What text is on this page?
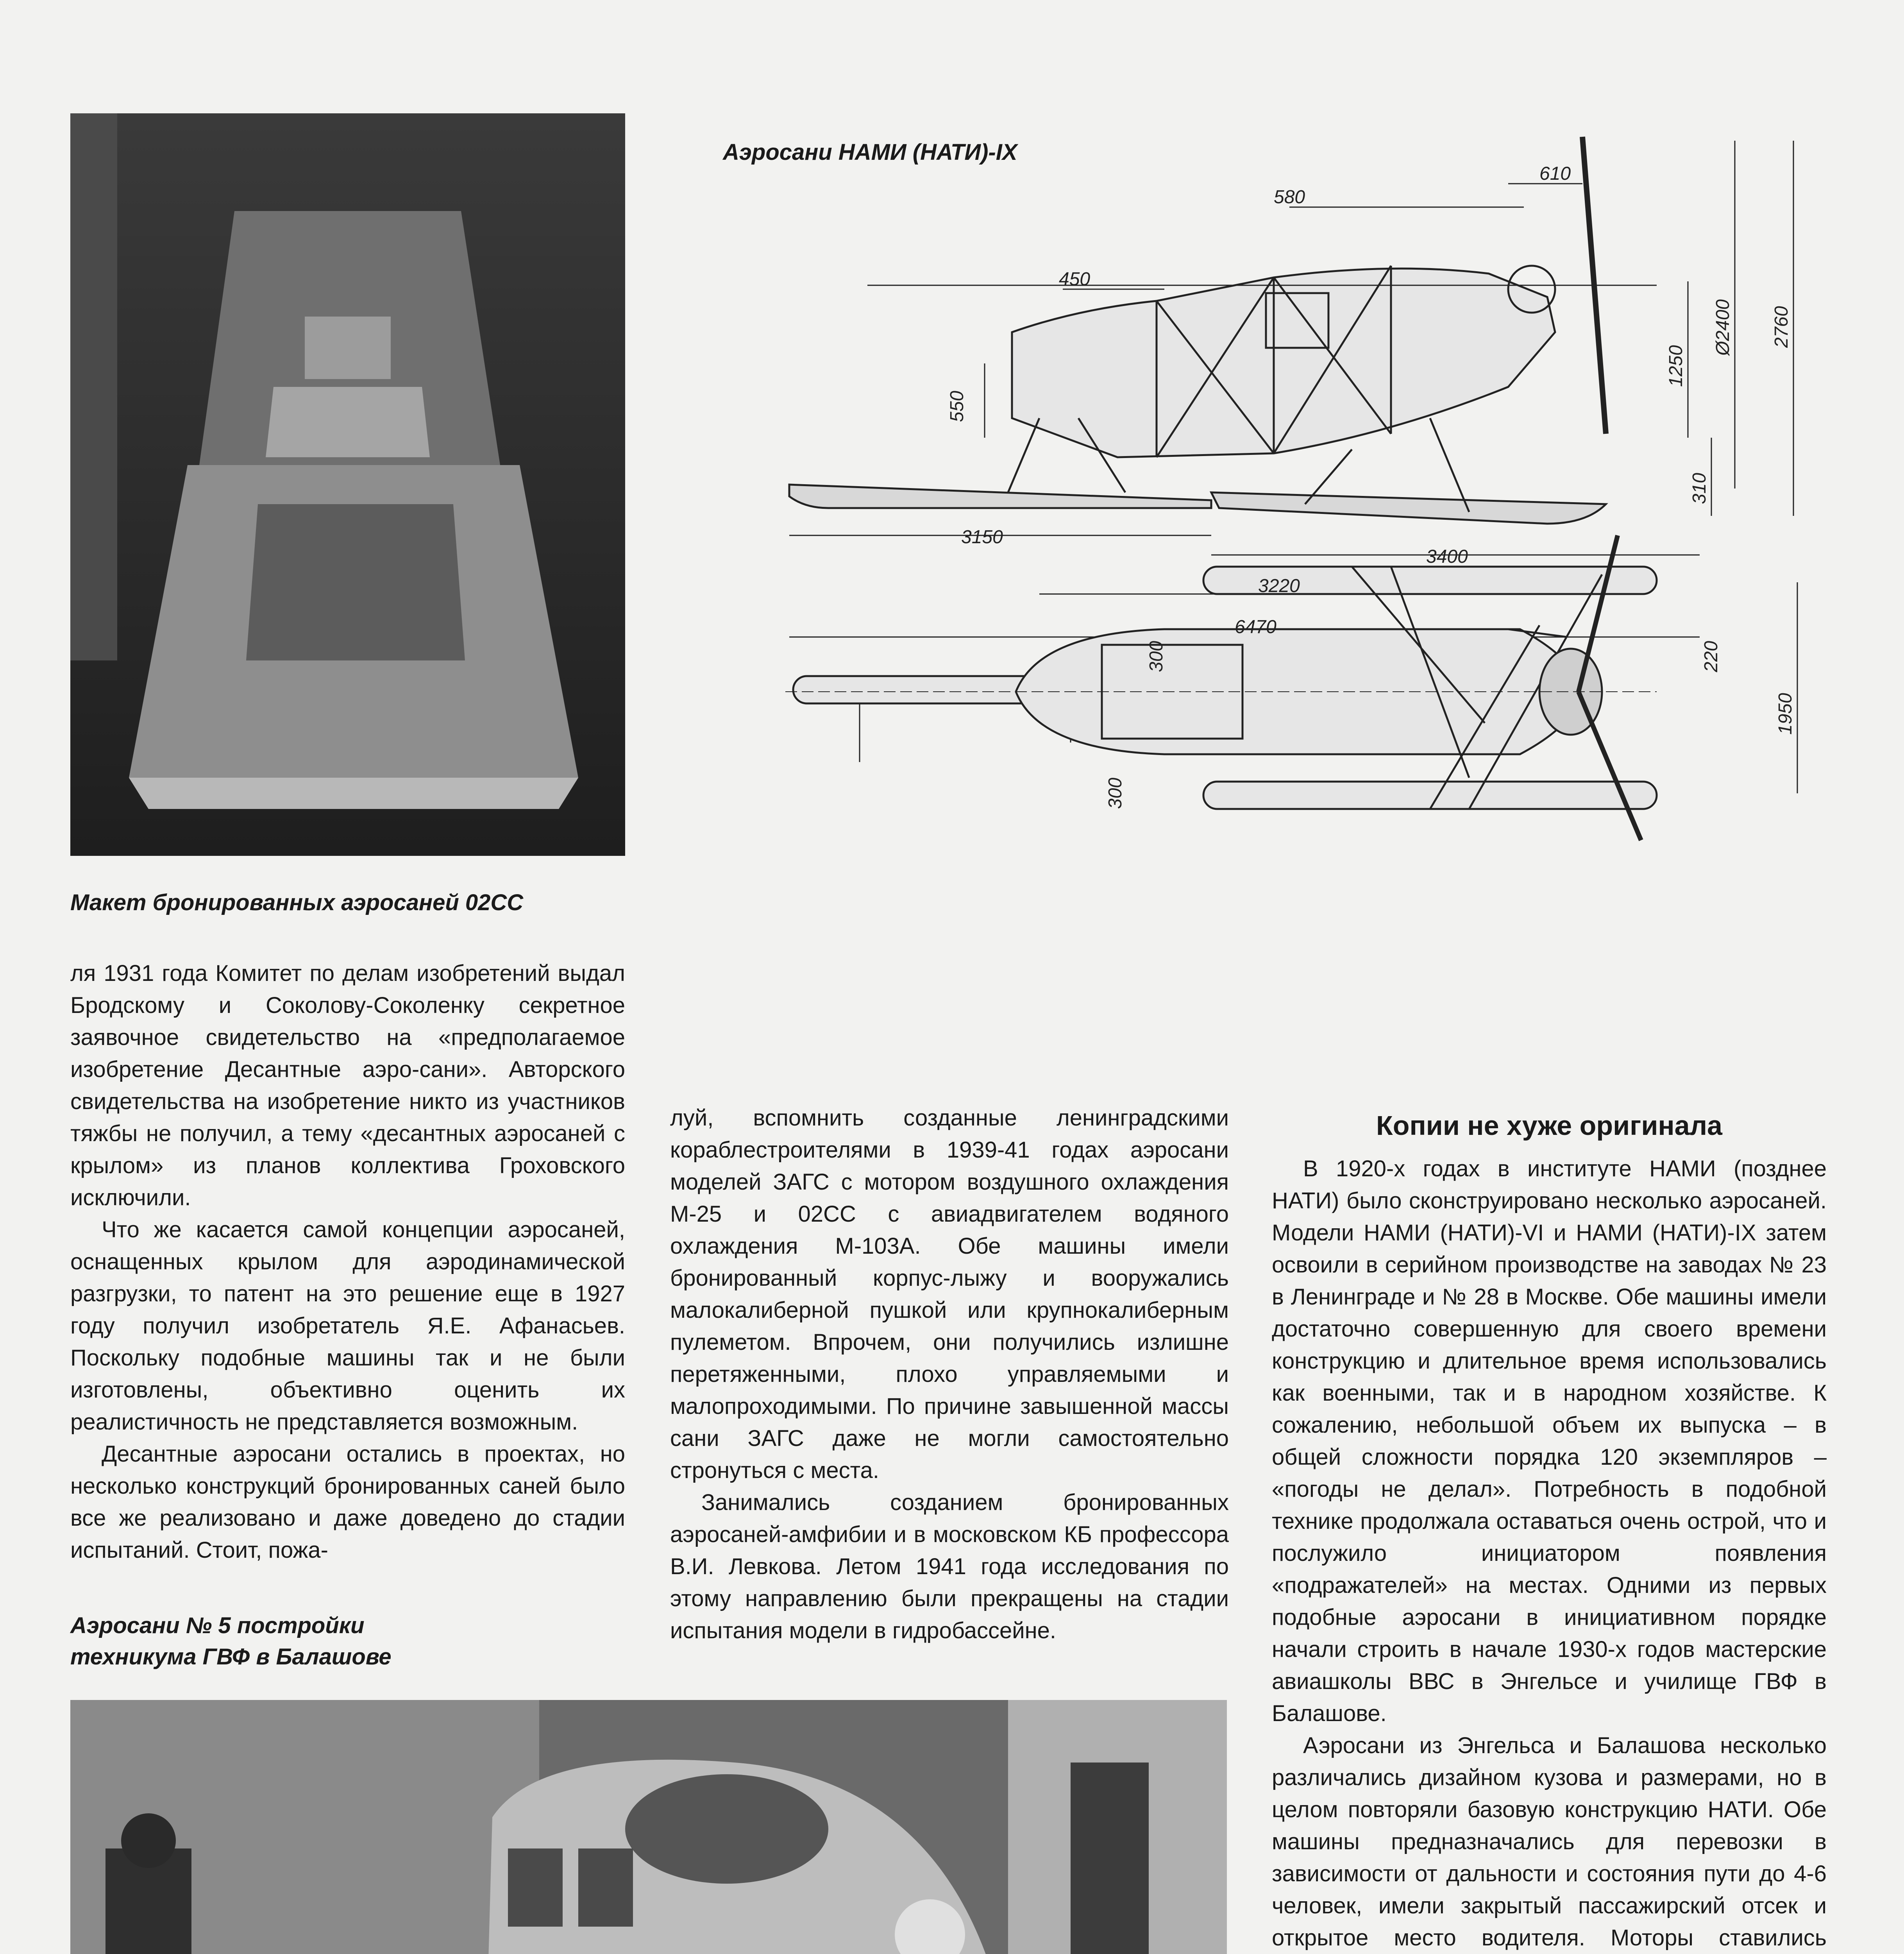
Макет бронированных аэросаней 02СС
Аэросани НАМИ (НАТИ)-IX
610
580
450
550
1250
Ø2400 2760
310
3150
3400
3220
6470
300	220
300
1950

ля 1931 года Комитет по делам изобретений выдал Бродскому и Соколову-Соколенку секретное заявочное свидетельство на «предполагаемое изобретение Десантные аэро-сани». Авторского свидетельства на изобретение никто из участников тяжбы не получил, а тему «десантных аэросаней с крылом» из планов коллектива Гроховского исключили.

Что же касается самой концепции аэросаней, оснащенных крылом для аэродинамической разгрузки, то патент на это решение еще в 1927 году получил изобретатель Я.Е. Афанасьев. Поскольку подобные машины так и не были изготовлены, объективно оценить их реалистичность не представляется возможным.

Десантные аэросани остались в проектах, но несколько конструкций бронированных саней было все же реализовано и даже доведено до стадии испытаний. Стоит, пожа-

Аэросани № 5 постройки техникума ГВФ в Балашове

луй, вспомнить созданные ленинградскими кораблестроителями в 1939-41 годах аэросани моделей ЗАГС с мотором воздушного охлаждения М-25 и 02СС с авиадвигателем водяного охлаждения М-103А. Обе машины имели бронированный корпус-лыжу и вооружались малокалиберной пушкой или крупнокалиберным пулеметом. Впрочем, они получились излишне перетяженными, плохо управляемыми и малопроходимыми. По причине завышенной массы сани ЗАГС даже не могли самостоятельно стронуться с места.

Занимались созданием бронированных аэросаней-амфибии и в московском КБ профессора В.И. Левкова. Летом 1941 года исследования по этому направлению были прекращены на стадии испытания модели в гидробассейне.

Копии не хуже оригинала

В 1920-х годах в институте НАМИ (позднее НАТИ) было сконструировано несколько аэросаней. Модели НАМИ (НАТИ)-VI и НАМИ (НАТИ)-IX затем освоили в серийном производстве на заводах № 23 в Ленинграде и № 28 в Москве. Обе машины имели достаточно совершенную для своего времени конструкцию и длительное время использовались как военными, так и в народном хозяйстве. К сожалению, небольшой объем их выпуска – в общей сложности порядка 120 экземпляров – «погоды не делал». Потребность в подобной технике продолжала оставаться очень острой, что и послужило инициатором появления «подражателей» на местах. Одними из первых подобные аэросани в инициативном порядке начали строить в начале 1930-х годов мастерские авиашколы ВВС в Энгельсе и училище ГВФ в Балашове.

Аэросани из Энгельса и Балашова несколько различались дизайном кузова и размерами, но в целом повторяли базовую конструкцию НАТИ. Обе машины предназначались для перевозки в зависимости от дальности и состояния пути до 4-6 человек, имели закрытый пассажирский отсек и открытое место водителя. Моторы ставились
